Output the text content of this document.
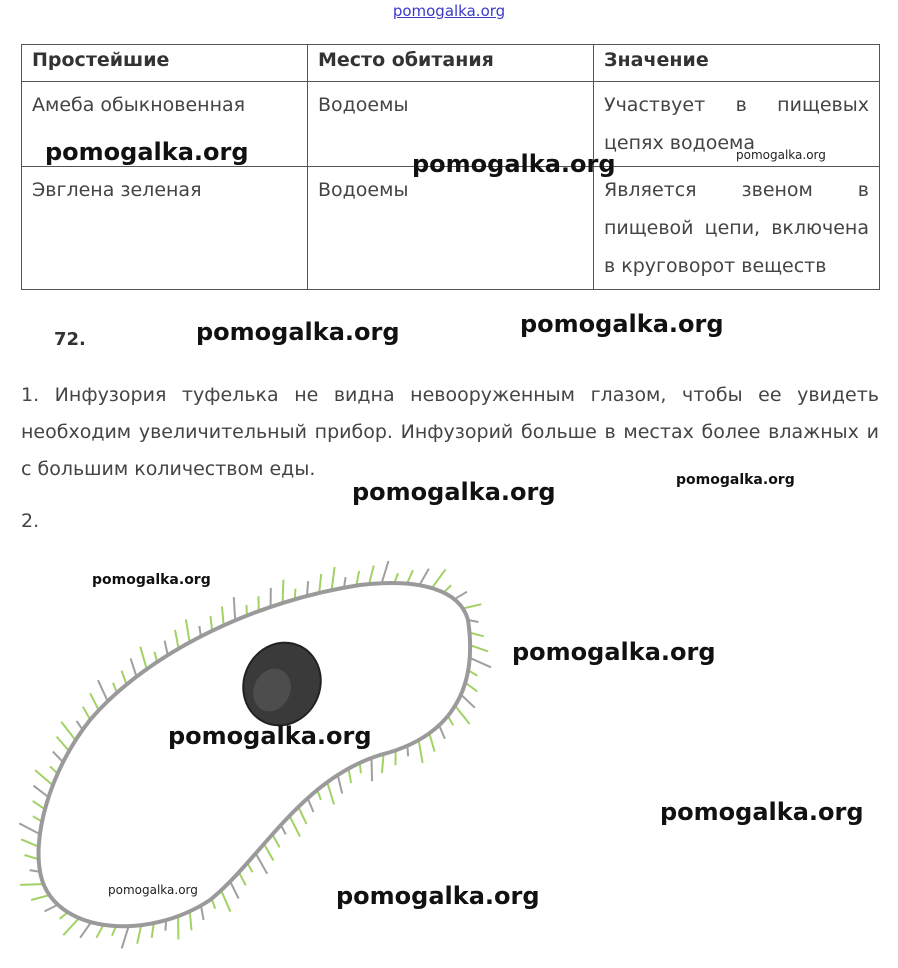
pomogalka.org
Простейшие	Место обитания	Значение
Амеба обыкновенная	Водоемы	Участвует в пищевых цепях водоема
Эвглена зеленая	Водоемы	Является звеном в пищевой цепи, включена в круговорот веществ
72.

1. Инфузория туфелька не видна невооруженным глазом, чтобы ее увидеть необходим увеличительный прибор. Инфузорий больше в местах более влажных и с большим количеством еды.

2.
pomogalka.org	pomogalka.org	pomogalka.org
pomogalka.org	pomogalka.org
pomogalka.org	pomogalka.org
pomogalka.org
pomogalka.org
pomogalka.org
pomogalka.org
pomogalka.org	pomogalka.org
